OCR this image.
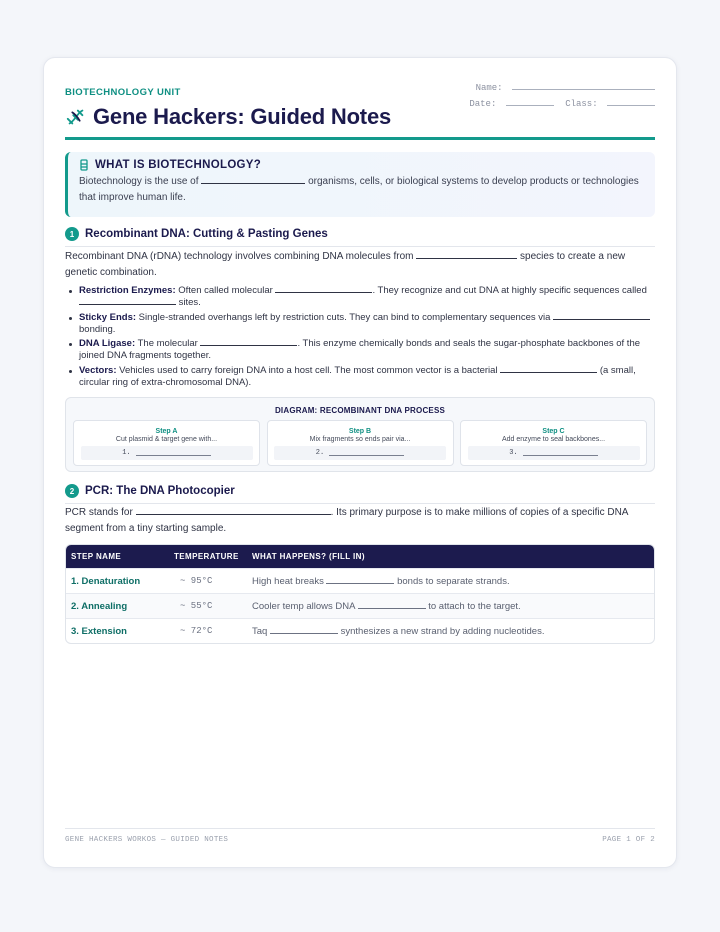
BIOTECHNOLOGY UNIT
Gene Hackers: Guided Notes
Name:
Date:	Class:
WHAT IS BIOTECHNOLOGY?
Biotechnology is the use of	organisms, cells, or biological systems to develop products or technologies that improve human life.
1 Recombinant DNA: Cutting & Pasting Genes
Recombinant DNA (rDNA) technology involves combining DNA molecules from	species to create a new genetic combination.
Restriction Enzymes: Often called molecular	. They recognize and cut DNA at highly specific sequences called  sites.
Sticky Ends: Single-stranded overhangs left by restriction cuts. They can bind to complementary sequences via  bonding.
DNA Ligase: The molecular	. This enzyme chemically bonds and seals the sugar-phosphate backbones of the joined DNA fragments together.
Vectors: Vehicles used to carry foreign DNA into a host cell. The most common vector is a bacterial	(a small, circular ring of extra-chromosomal DNA).
DIAGRAM: RECOMBINANT DNA PROCESS
Step A
Cut plasmid & target gene with...
1.
Step B
Mix fragments so ends pair via...
2.
Step C
Add enzyme to seal backbones...
3.
2 PCR: The DNA Photocopier
PCR stands for	. Its primary purpose is to make millions of copies of a specific DNA segment from a tiny starting sample.
STEP NAME	TEMPERATURE	WHAT HAPPENS? (FILL IN)
1. Denaturation	~ 95°C	High heat breaks	bonds to separate strands.
2. Annealing	~ 55°C	Cooler temp allows DNA	to attach to the target.
3. Extension	~ 72°C	Taq	synthesizes a new strand by adding nucleotides.
GENE HACKERS WORKOS — GUIDED NOTES	PAGE 1 OF 2
